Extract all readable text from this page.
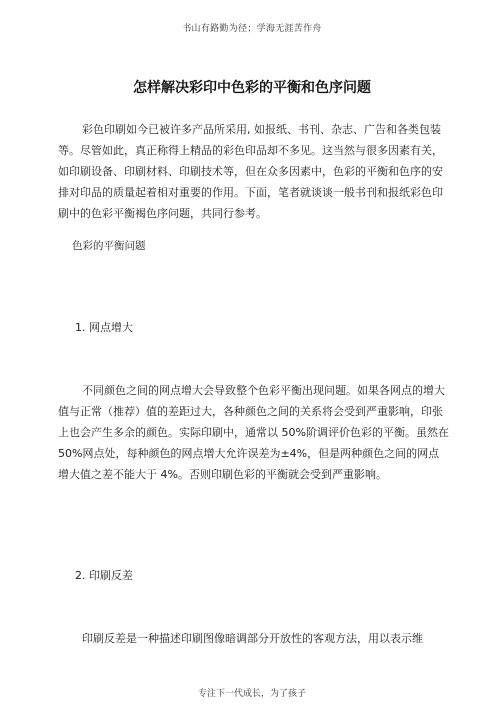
书山有路勤为径；学海无涯苦作舟
怎样解决彩印中色彩的平衡和色序问题

彩色印刷如今已被许多产品所采用, 如报纸、书刊、杂志、广告和各类包装等。尽管如此，真正称得上精品的彩色印品却不多见。这当然与很多因素有关，如印刷设备、印刷材料、印刷技术等，但在众多因素中，色彩的平衡和色序的安排对印品的质量起着相对重要的作用。下面，笔者就谈谈一般书刊和报纸彩色印刷中的色彩平衡褐色序问题，共同行参考。

色彩的平衡问题
1. 网点增大

不同颜色之间的网点增大会导致整个色彩平衡出现问题。如果各网点的增大值与正常（推荐）值的差距过大，各种颜色之间的关系将会受到严重影响，印张上也会产生多余的颜色。实际印刷中，通常以 50%阶调评价色彩的平衡。虽然在 50%网点处，每种颜色的网点增大允许误差为±4%，但是两种颜色之间的网点增大值之差不能大于 4%。否则印刷色彩的平衡就会受到严重影响。

2. 印刷反差

印刷反差是一种描述印刷图像暗调部分开放性的客观方法，用以表示维

专注下一代成长，为了孩子
